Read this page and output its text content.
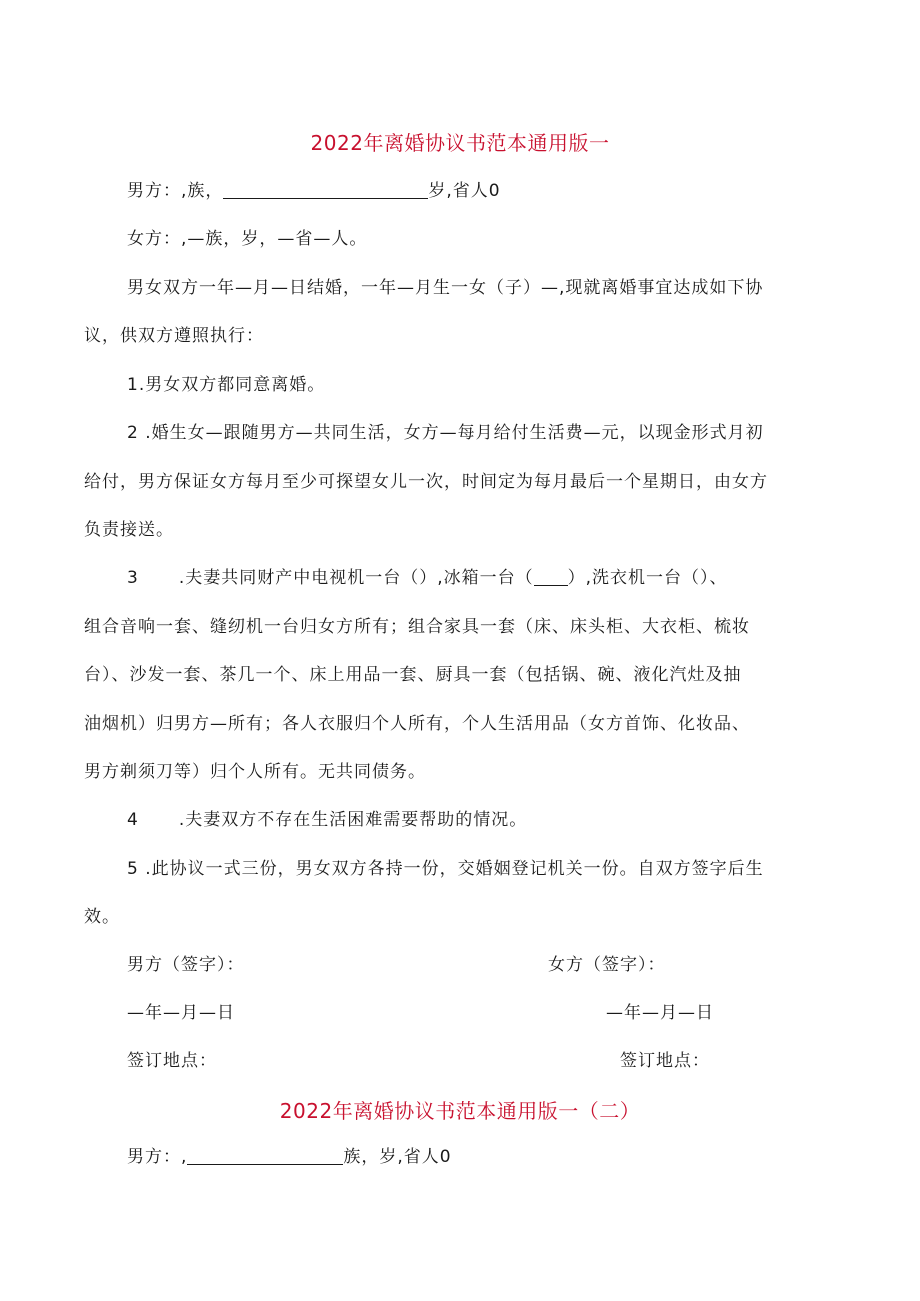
2022年离婚协议书范本通用版一
男方：,族，	岁,省人0
女方：,—族，岁，—省—人。
男女双方一年—月—日结婚，一年—月生一女（子）—,现就离婚事宜达成如下协
议，供双方遵照执行：
1.男女双方都同意离婚。
2 .婚生女—跟随男方—共同生活，女方—每月给付生活费—元，以现金形式月初
给付，男方保证女方每月至少可探望女儿一次，时间定为每月最后一个星期日，由女方
负责接送。
3 .夫妻共同财产中电视机一台（）,冰箱一台（ ）,洗衣机一台（）、
组合音响一套、缝纫机一台归女方所有；组合家具一套（床、床头柜、大衣柜、梳妆
台）、沙发一套、茶几一个、床上用品一套、厨具一套（包括锅、碗、液化汽灶及抽
油烟机）归男方—所有；各人衣服归个人所有，个人生活用品（女方首饰、化妆品、
男方剃须刀等）归个人所有。无共同债务。
4 .夫妻双方不存在生活困难需要帮助的情况。
5 .此协议一式三份，男女双方各持一份，交婚姻登记机关一份。自双方签字后生
效。
男方（签字）：	女方（签字）：
—年—月—日	—年—月—日
签订地点：	签订地点：
2022年离婚协议书范本通用版一（二）
男方：,	族，岁,省人0
